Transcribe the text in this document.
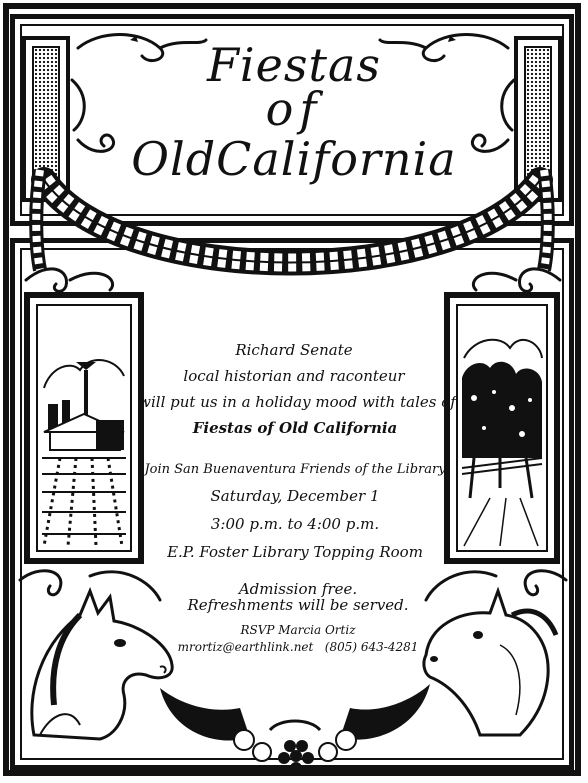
Fiestas
of
OldCalifornia
Richard Senate
local historian and raconteur
will put us in a holiday mood with tales of
Fiestas of Old California
Join San Buenaventura Friends of the Library
Saturday, December 1
3:00 p.m. to 4:00 p.m.
E.P. Foster Library Topping Room
Admission free.
Refreshments will be served.
RSVP Marcia Ortiz
mrortiz@earthlink.net   (805) 643-4281
